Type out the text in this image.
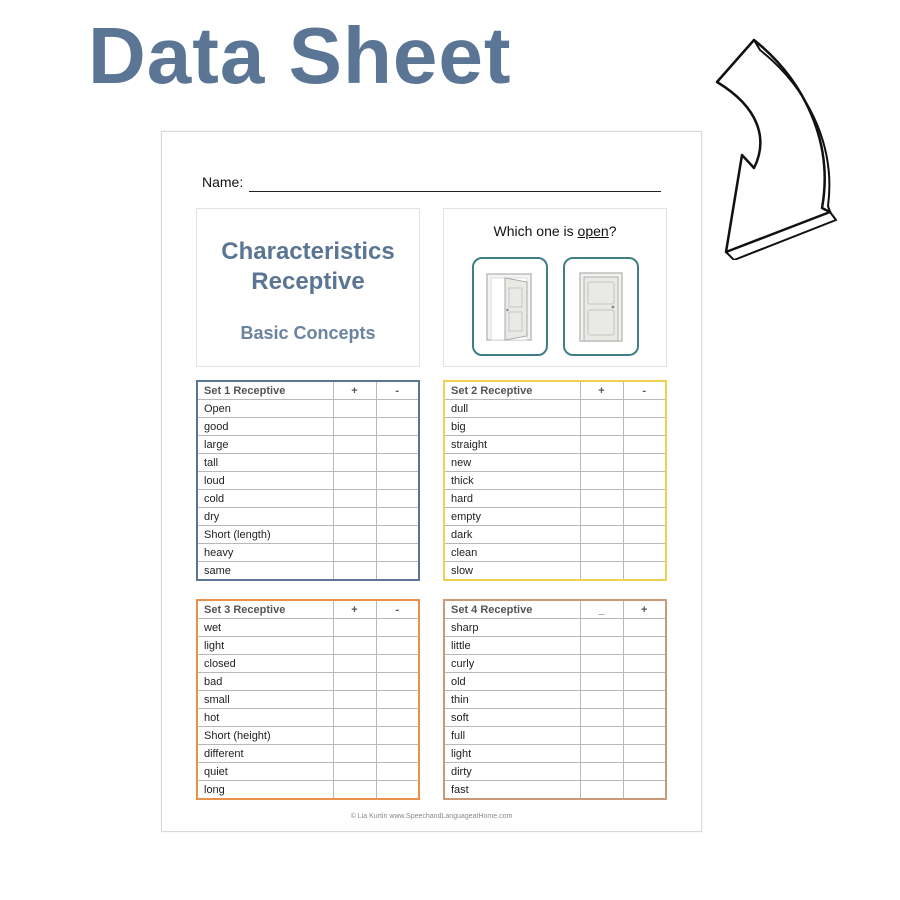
Data Sheet
Name:
Characteristics Receptive
Basic Concepts
Which one is open?
Set 1 Receptive	+	-
Open		
good		
large		
tall		
loud		
cold		
dry		
Short (length)		
heavy		
same		
Set 2 Receptive	+	-
dull		
big		
straight		
new		
thick		
hard		
empty		
dark		
clean		
slow		
Set 3 Receptive	+	-
wet		
light		
closed		
bad		
small		
hot		
Short (height)		
different		
quiet		
long		
Set 4 Receptive	_	+
sharp		
little		
curly		
old		
thin		
soft		
full		
light		
dirty		
fast		
© Lia Kurtin www.SpeechandLanguageatHome.com
